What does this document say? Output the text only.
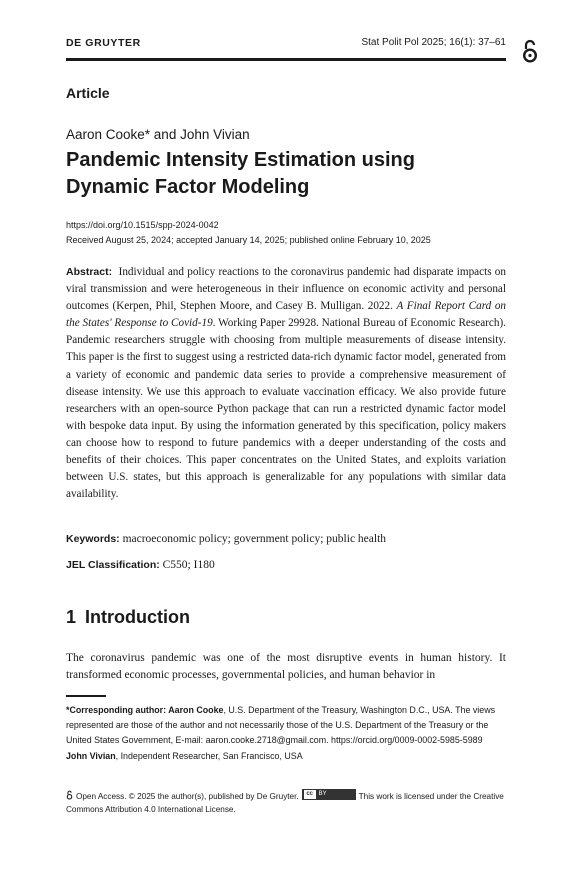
DE GRUYTER	Stat Polit Pol 2025; 16(1): 37–61
Article
Aaron Cooke* and John Vivian
Pandemic Intensity Estimation using
Dynamic Factor Modeling
https://doi.org/10.1515/spp-2024-0042
Received August 25, 2024; accepted January 14, 2025; published online February 10, 2025

Abstract: Individual and policy reactions to the coronavirus pandemic had disparate impacts on viral transmission and were heterogeneous in their influence on economic activity and personal outcomes (Kerpen, Phil, Stephen Moore, and Casey B. Mulligan. 2022. A Final Report Card on the States' Response to Covid-19. Working Paper 29928. National Bureau of Economic Research). Pandemic researchers struggle with choosing from multiple measurements of disease intensity. This paper is the first to suggest using a restricted data-rich dynamic factor model, generated from a variety of economic and pandemic data series to provide a comprehensive measurement of disease intensity. We use this approach to evaluate vaccination efficacy. We also provide future researchers with an open-source Python package that can run a restricted dynamic factor model with bespoke data input. By using the information generated by this specification, policy makers can choose how to respond to future pandemics with a deeper understanding of the costs and benefits of their choices. This paper concentrates on the United States, and exploits variation between U.S. states, but this approach is generalizable for any populations with similar data availability.

Keywords: macroeconomic policy; government policy; public health
JEL Classification: C550; I180
1 Introduction

The coronavirus pandemic was one of the most disruptive events in human history. It transformed economic processes, governmental policies, and human behavior in

*Corresponding author: Aaron Cooke, U.S. Department of the Treasury, Washington D.C., USA. The views represented are those of the author and not necessarily those of the U.S. Department of the Treasury or the United States Government, E-mail: aaron.cooke.2718@gmail.com. https://orcid.org/0009-0002-5985-5989

John Vivian, Independent Researcher, San Francisco, USA

Open Access. © 2025 the author(s), published by De Gruyter.	cc BY	This work is licensed under the Creative Commons Attribution 4.0 International License.
